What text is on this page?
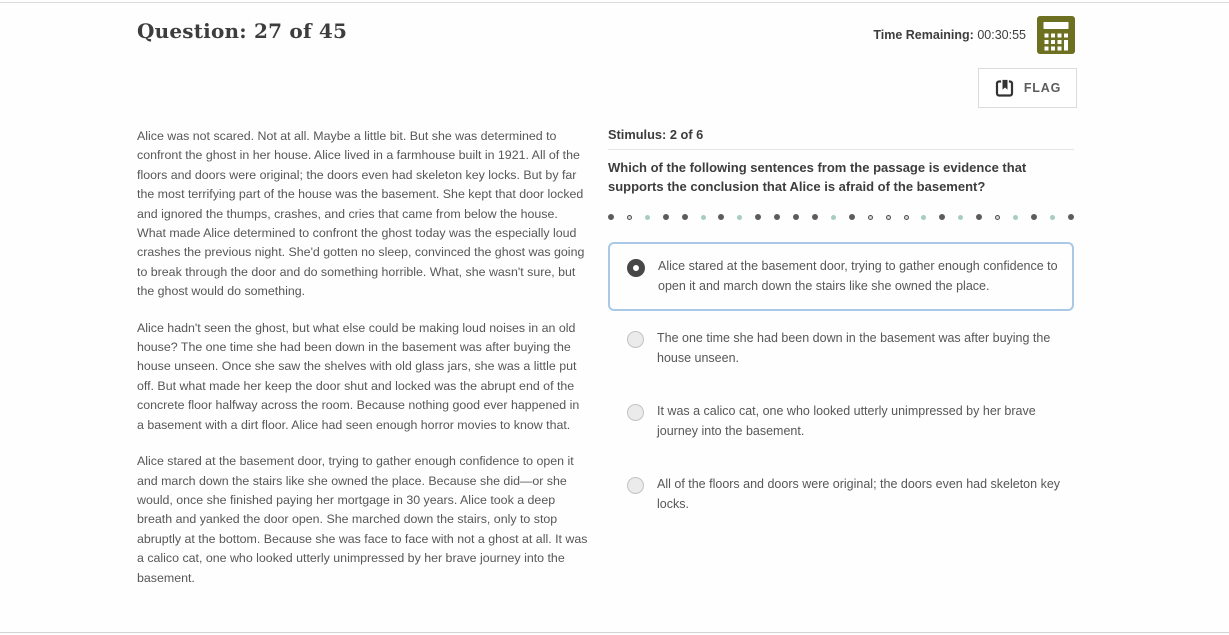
Question: 27 of 45	Time Remaining: 00:30:55
FLAG

Alice was not scared. Not at all. Maybe a little bit. But she was determined to confront the ghost in her house. Alice lived in a farmhouse built in 1921. All of the floors and doors were original; the doors even had skeleton key locks. But by far the most terrifying part of the house was the basement. She kept that door locked and ignored the thumps, crashes, and cries that came from below the house. What made Alice determined to confront the ghost today was the especially loud crashes the previous night. She'd gotten no sleep, convinced the ghost was going to break through the door and do something horrible. What, she wasn't sure, but the ghost would do something.

Alice hadn't seen the ghost, but what else could be making loud noises in an old house? The one time she had been down in the basement was after buying the house unseen. Once she saw the shelves with old glass jars, she was a little put off. But what made her keep the door shut and locked was the abrupt end of the concrete floor halfway across the room. Because nothing good ever happened in a basement with a dirt floor. Alice had seen enough horror movies to know that.

Alice stared at the basement door, trying to gather enough confidence to open it and march down the stairs like she owned the place. Because she did—or she would, once she finished paying her mortgage in 30 years. Alice took a deep breath and yanked the door open. She marched down the stairs, only to stop abruptly at the bottom. Because she was face to face with not a ghost at all. It was a calico cat, one who looked utterly unimpressed by her brave journey into the basement.

Stimulus: 2 of 6
Which of the following sentences from the passage is evidence that supports the conclusion that Alice is afraid of the basement?
Alice stared at the basement door, trying to gather enough confidence to open it and march down the stairs like she owned the place.
The one time she had been down in the basement was after buying the house unseen.
It was a calico cat, one who looked utterly unimpressed by her brave journey into the basement.
All of the floors and doors were original; the doors even had skeleton key locks.
